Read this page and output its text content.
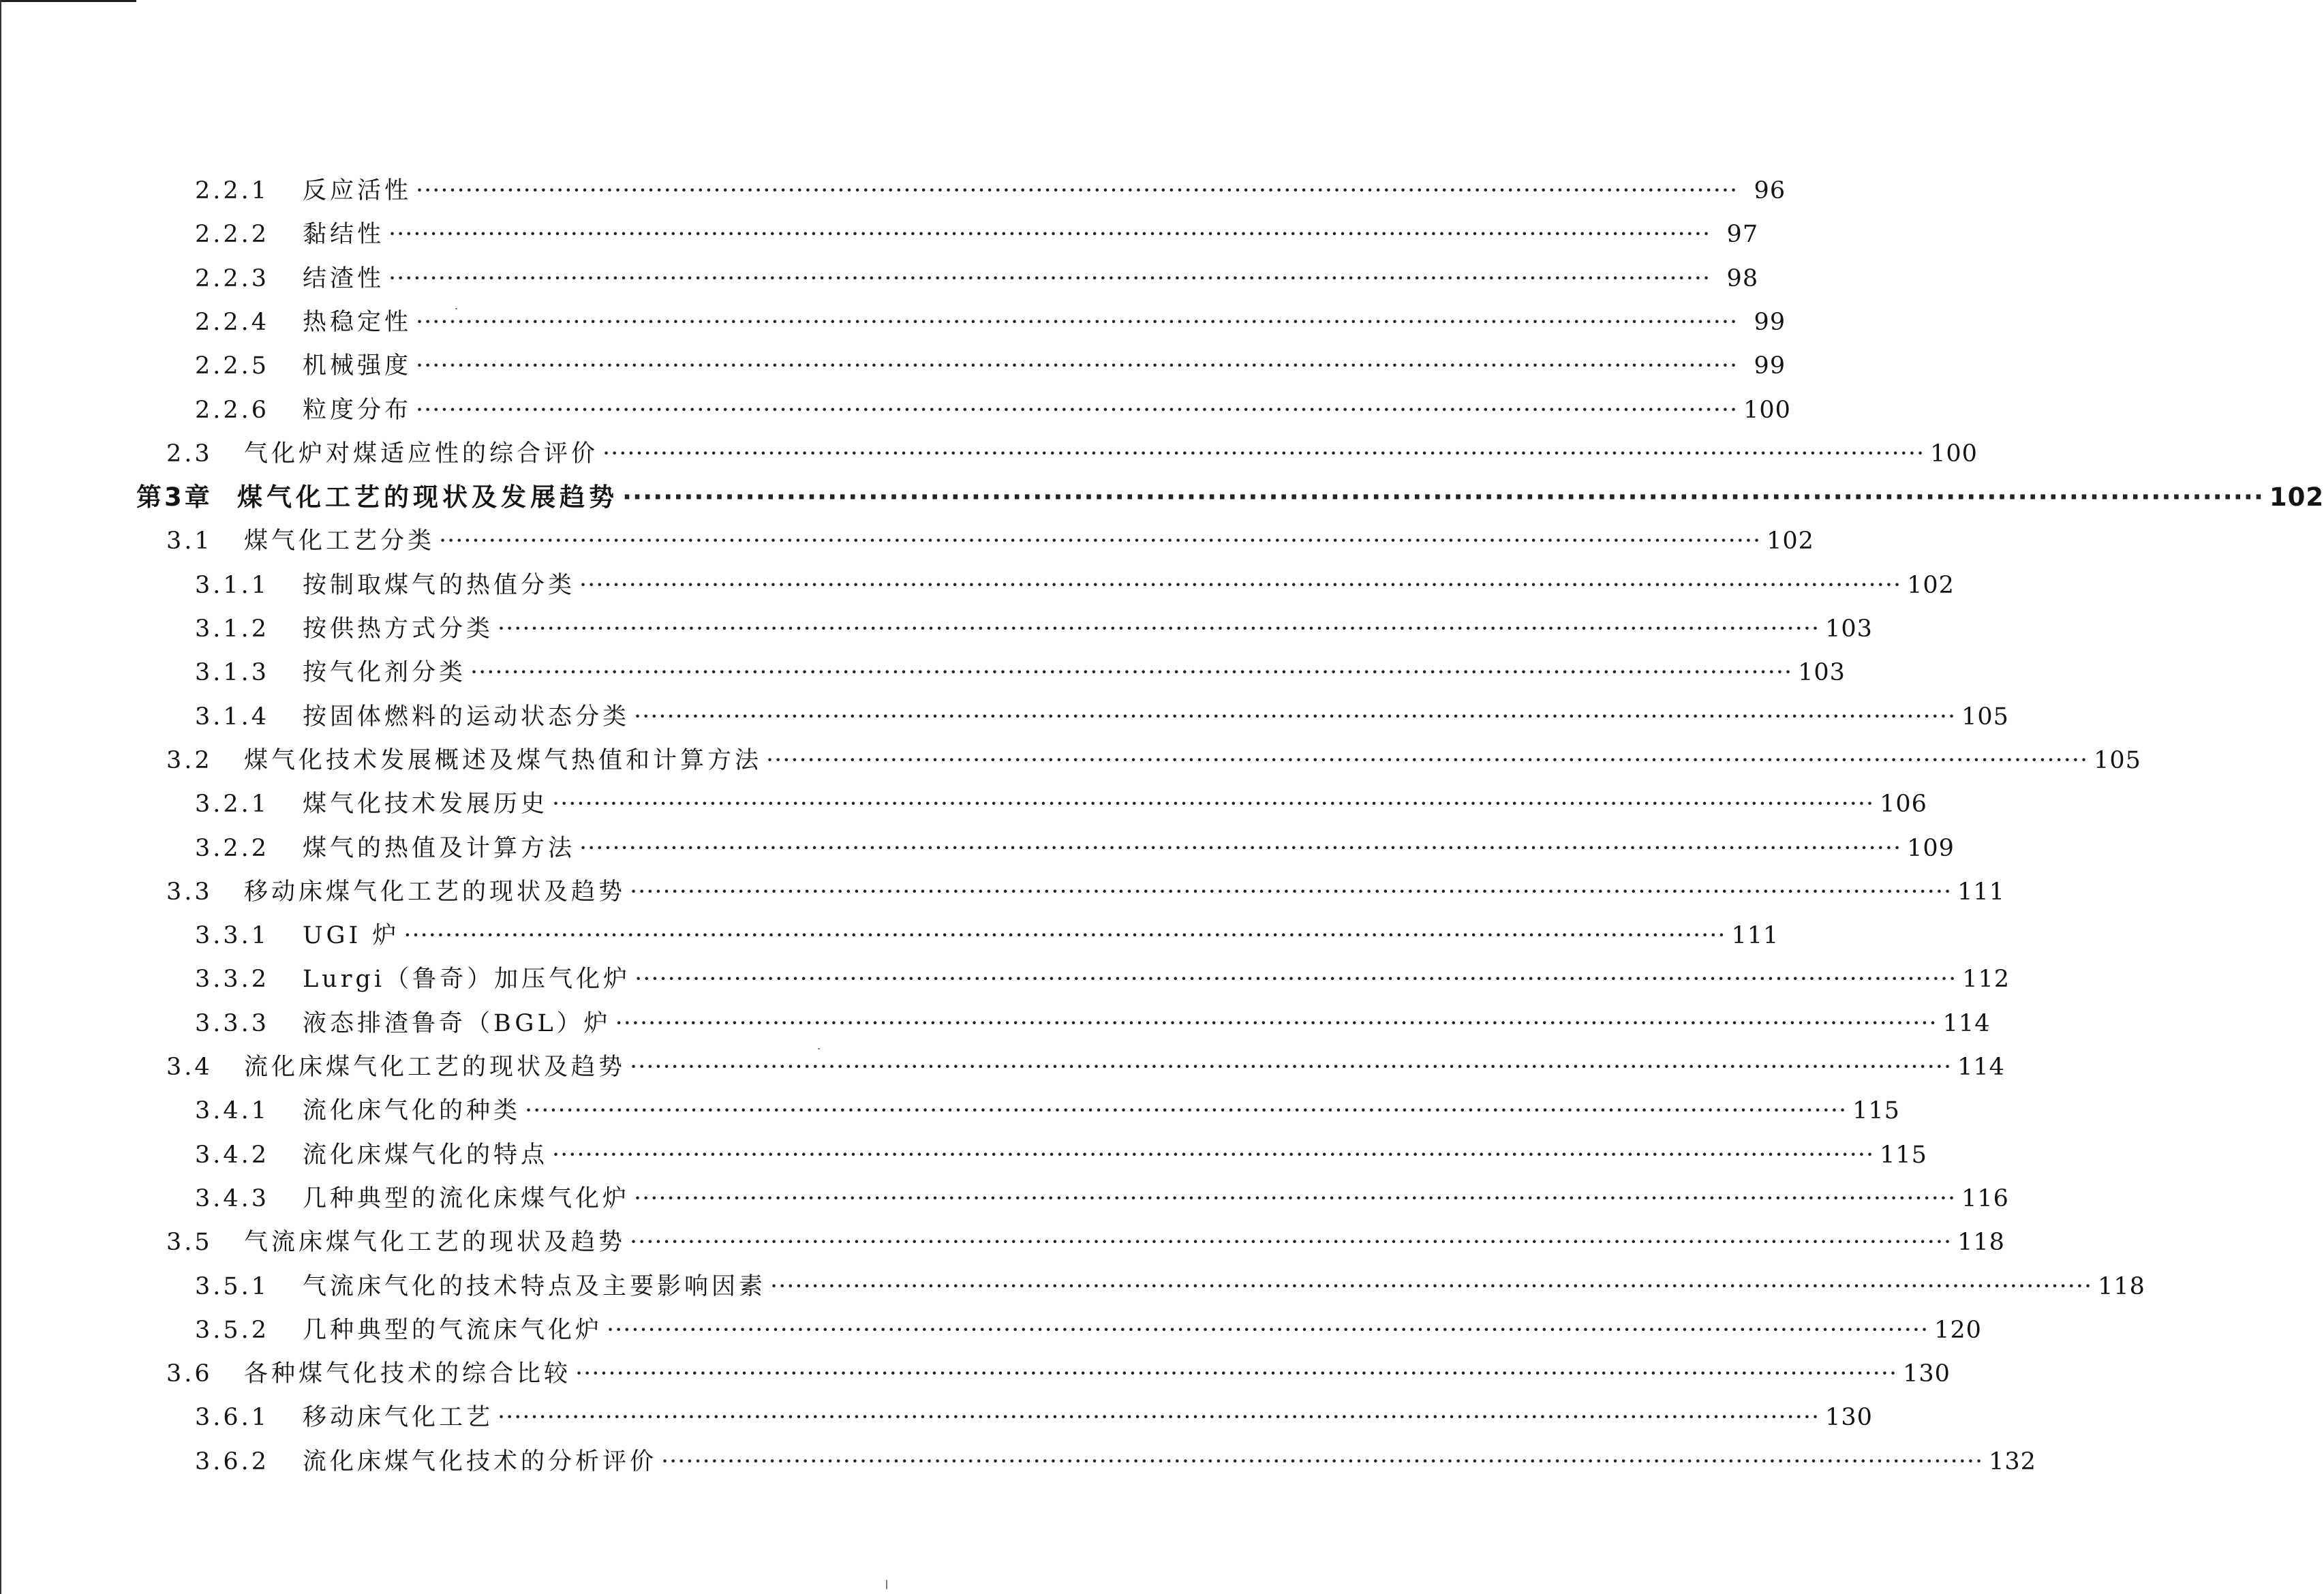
2.2.1	反应活性 ································································································································································ 96
2.2.2	黏结性 ································································································································································ 97
2.2.3	结渣性 ································································································································································ 98
2.2.4	热稳定性 ································································································································································ 99
2.2.5	机械强度 ································································································································································ 99
2.2.6	粒度分布 ································································································································································ 100
2.3	气化炉对煤适应性的综合评价 ································································································································································ 100
第3章 煤气化工艺的现状及发展趋势 ································································································································································ 102
3.1	煤气化工艺分类 ································································································································································ 102
3.1.1	按制取煤气的热值分类 ································································································································································ 102
3.1.2	按供热方式分类 ································································································································································ 103
3.1.3	按气化剂分类 ································································································································································ 103
3.1.4	按固体燃料的运动状态分类 ································································································································································ 105
3.2	煤气化技术发展概述及煤气热值和计算方法 ································································································································································ 105
3.2.1	煤气化技术发展历史 ································································································································································ 106
3.2.2	煤气的热值及计算方法 ································································································································································ 109
3.3	移动床煤气化工艺的现状及趋势 ································································································································································ 111
3.3.1	UGI 炉 ································································································································································ 111
3.3.2	Lurgi（鲁奇）加压气化炉 ································································································································································ 112
3.3.3	液态排渣鲁奇（BGL）炉 ································································································································································ 114
3.4	流化床煤气化工艺的现状及趋势 ································································································································································ 114
3.4.1	流化床气化的种类 ································································································································································ 115
3.4.2	流化床煤气化的特点 ································································································································································ 115
3.4.3	几种典型的流化床煤气化炉 ································································································································································ 116
3.5	气流床煤气化工艺的现状及趋势 ································································································································································ 118
3.5.1	气流床气化的技术特点及主要影响因素 ································································································································································ 118
3.5.2	几种典型的气流床气化炉 ································································································································································ 120
3.6	各种煤气化技术的综合比较 ································································································································································ 130
3.6.1	移动床气化工艺 ································································································································································ 130
3.6.2	流化床煤气化技术的分析评价 ································································································································································ 132
